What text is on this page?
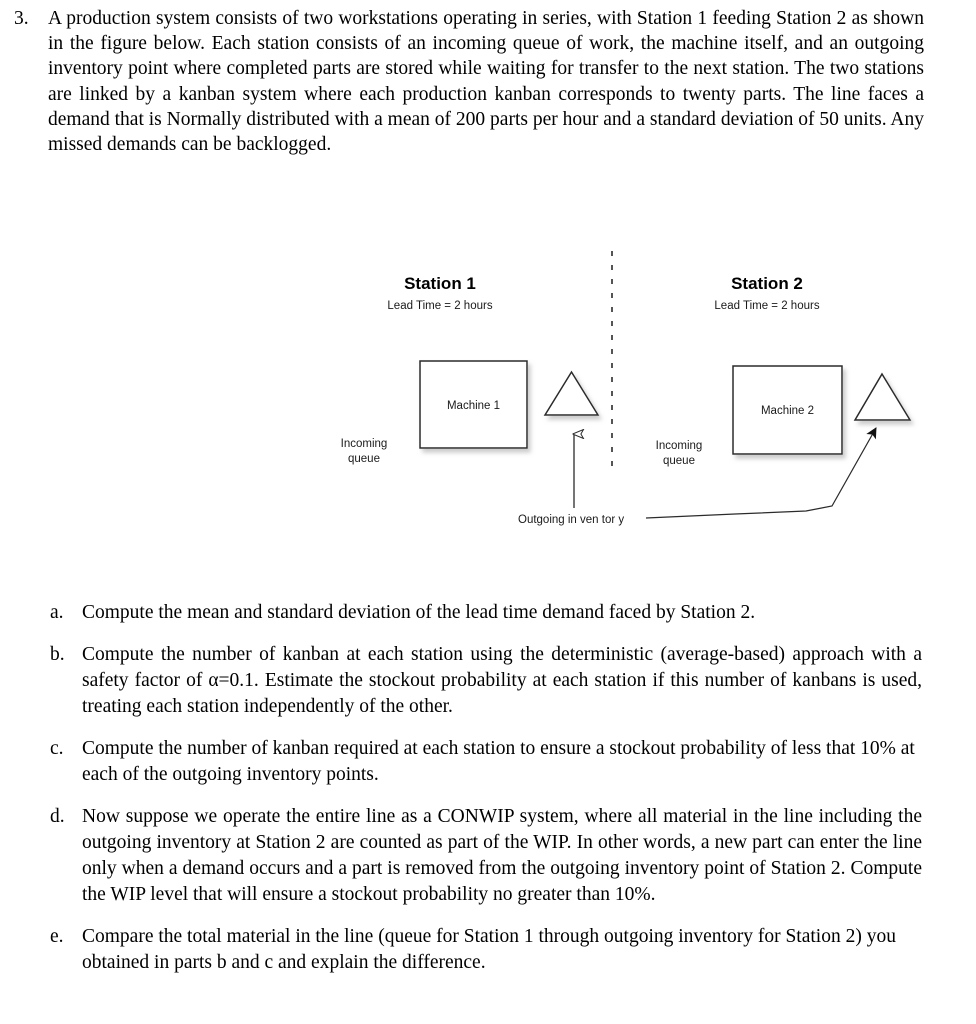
3. A production system consists of two workstations operating in series, with Station 1 feeding Station 2 as shown in the figure below. Each station consists of an incoming queue of work, the machine itself, and an outgoing inventory point where completed parts are stored while waiting for transfer to the next station. The two stations are linked by a kanban system where each production kanban corresponds to twenty parts. The line faces a demand that is Normally distributed with a mean of 200 parts per hour and a standard deviation of 50 units. Any missed demands can be backlogged.
Station 1
Lead Time = 2 hours
Station 2
Lead Time = 2 hours
Incoming
queue
Machine 1
Incoming
queue
Machine 2
Outgoing in ven tor y
a. Compute the mean and standard deviation of the lead time demand faced by Station 2.
b. Compute the number of kanban at each station using the deterministic (average-based) approach with a safety factor of α=0.1. Estimate the stockout probability at each station if this number of kanbans is used, treating each station independently of the other.
c. Compute the number of kanban required at each station to ensure a stockout probability of less that 10% at each of the outgoing inventory points.
d. Now suppose we operate the entire line as a CONWIP system, where all material in the line including the outgoing inventory at Station 2 are counted as part of the WIP. In other words, a new part can enter the line only when a demand occurs and a part is removed from the outgoing inventory point of Station 2. Compute the WIP level that will ensure a stockout probability no greater than 10%.
e. Compare the total material in the line (queue for Station 1 through outgoing inventory for Station 2) you obtained in parts b and c and explain the difference.
